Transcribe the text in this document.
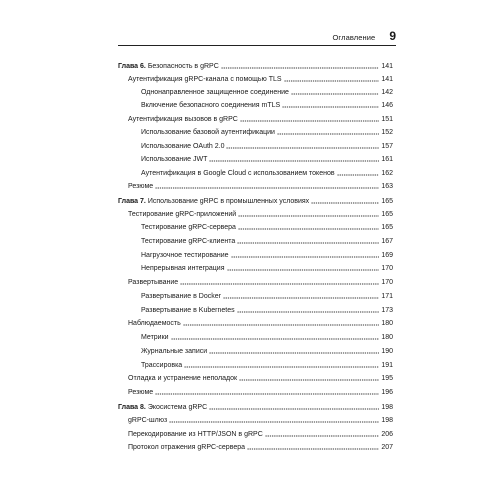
Оглавление 9
Глава 6. Безопасность в gRPC	141
Аутентификация gRPC-канала с помощью TLS	141
Однонаправленное защищенное соединение	142
Включение безопасного соединения mTLS	146
Аутентификация вызовов в gRPC	151
Использование базовой аутентификации	152
Использование OAuth 2.0	157
Использование JWT	161
Аутентификация в Google Cloud с использованием токенов	162
Резюме	163
Глава 7. Использование gRPC в промышленных условиях	165
Тестирование gRPC-приложений	165
Тестирование gRPC-сервера	165
Тестирование gRPC-клиента	167
Нагрузочное тестирование	169
Непрерывная интеграция	170
Развертывание	170
Развертывание в Docker	171
Развертывание в Kubernetes	173
Наблюдаемость	180
Метрики	180
Журнальные записи	190
Трассировка	191
Отладка и устранение неполадок	195
Резюме	196
Глава 8. Экосистема gRPC	198
gRPC-шлюз	198
Перекодирование из HTTP/JSON в gRPC	206
Протокол отражения gRPC-сервера	207
